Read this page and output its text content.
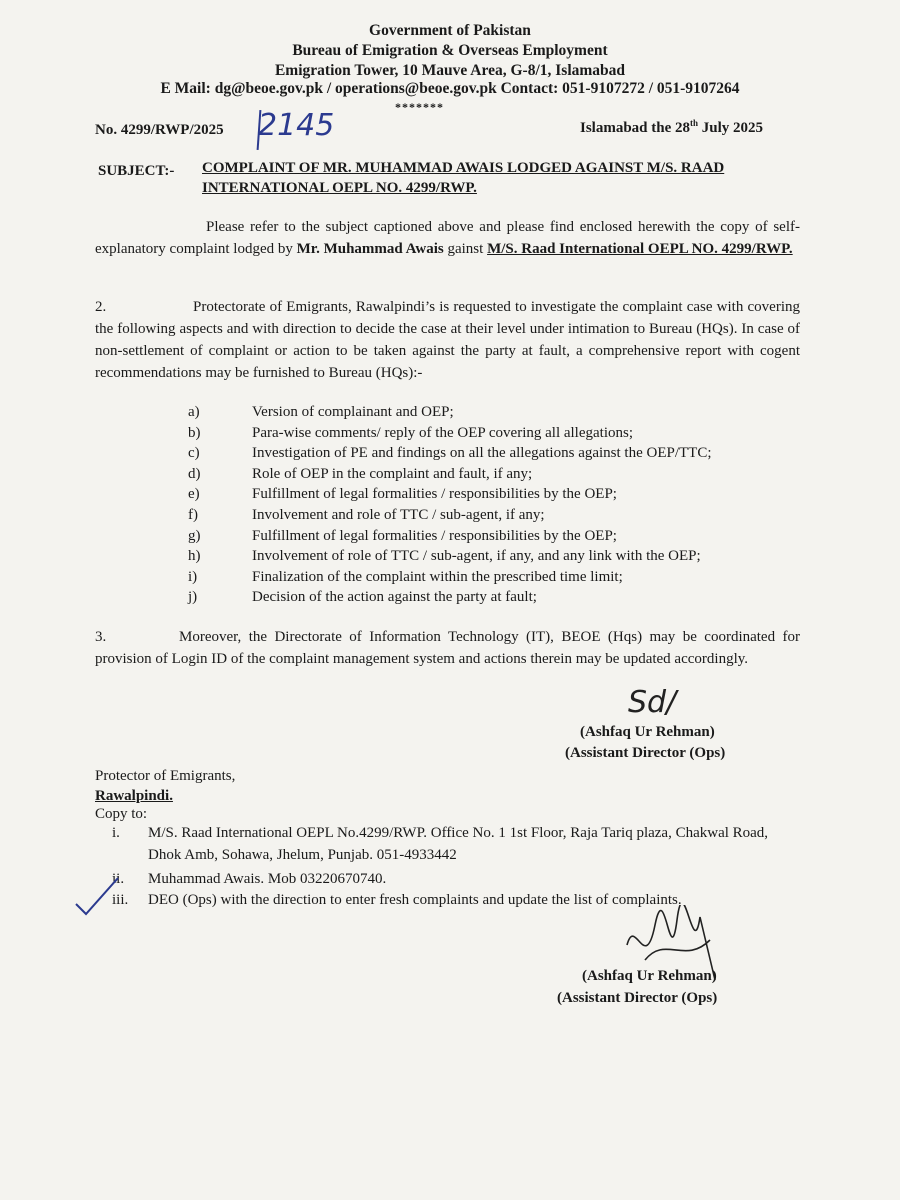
Government of Pakistan
Bureau of Emigration & Overseas Employment
Emigration Tower, 10 Mauve Area, G-8/1, Islamabad
E Mail: dg@beoe.gov.pk / operations@beoe.gov.pk Contact: 051-9107272 / 051-9107264
*******
No. 4299/RWP/2025 2145	Islamabad the 28th July 2025
SUBJECT:- COMPLAINT OF MR. MUHAMMAD AWAIS LODGED AGAINST M/S. RAAD INTERNATIONAL OEPL NO. 4299/RWP.
Please refer to the subject captioned above and please find enclosed herewith the copy of self-explanatory complaint lodged by Mr. Muhammad Awais gainst M/S. Raad International OEPL NO. 4299/RWP.
2.	Protectorate of Emigrants, Rawalpindi’s is requested to investigate the complaint case with covering the following aspects and with direction to decide the case at their level under intimation to Bureau (HQs). In case of non-settlement of complaint or action to be taken against the party at fault, a comprehensive report with cogent recommendations may be furnished to Bureau (HQs):-
a)	Version of complainant and OEP;
b)	Para-wise comments/ reply of the OEP covering all allegations;
c)	Investigation of PE and findings on all the allegations against the OEP/TTC;
d)	Role of OEP in the complaint and fault, if any;
e)	Fulfillment of legal formalities / responsibilities by the OEP;
f)	Involvement and role of TTC / sub-agent, if any;
g)	Fulfillment of legal formalities / responsibilities by the OEP;
h)	Involvement of role of TTC / sub-agent, if any, and any link with the OEP;
i)	Finalization of the complaint within the prescribed time limit;
j)	Decision of the action against the party at fault;
3.	Moreover, the Directorate of Information Technology (IT), BEOE (Hqs) may be coordinated for provision of Login ID of the complaint management system and actions therein may be updated accordingly.
Sd/
(Ashfaq Ur Rehman)
(Assistant Director (Ops)
Protector of Emigrants,
Rawalpindi.
Copy to:
i. M/S. Raad International OEPL No.4299/RWP. Office No. 1 1st Floor, Raja Tariq plaza, Chakwal Road, Dhok Amb, Sohawa, Jhelum, Punjab. 051-4933442
ii. Muhammad Awais. Mob 03220670740.
iii. DEO (Ops) with the direction to enter fresh complaints and update the list of complaints.
(Ashfaq Ur Rehman)
(Assistant Director (Ops)
